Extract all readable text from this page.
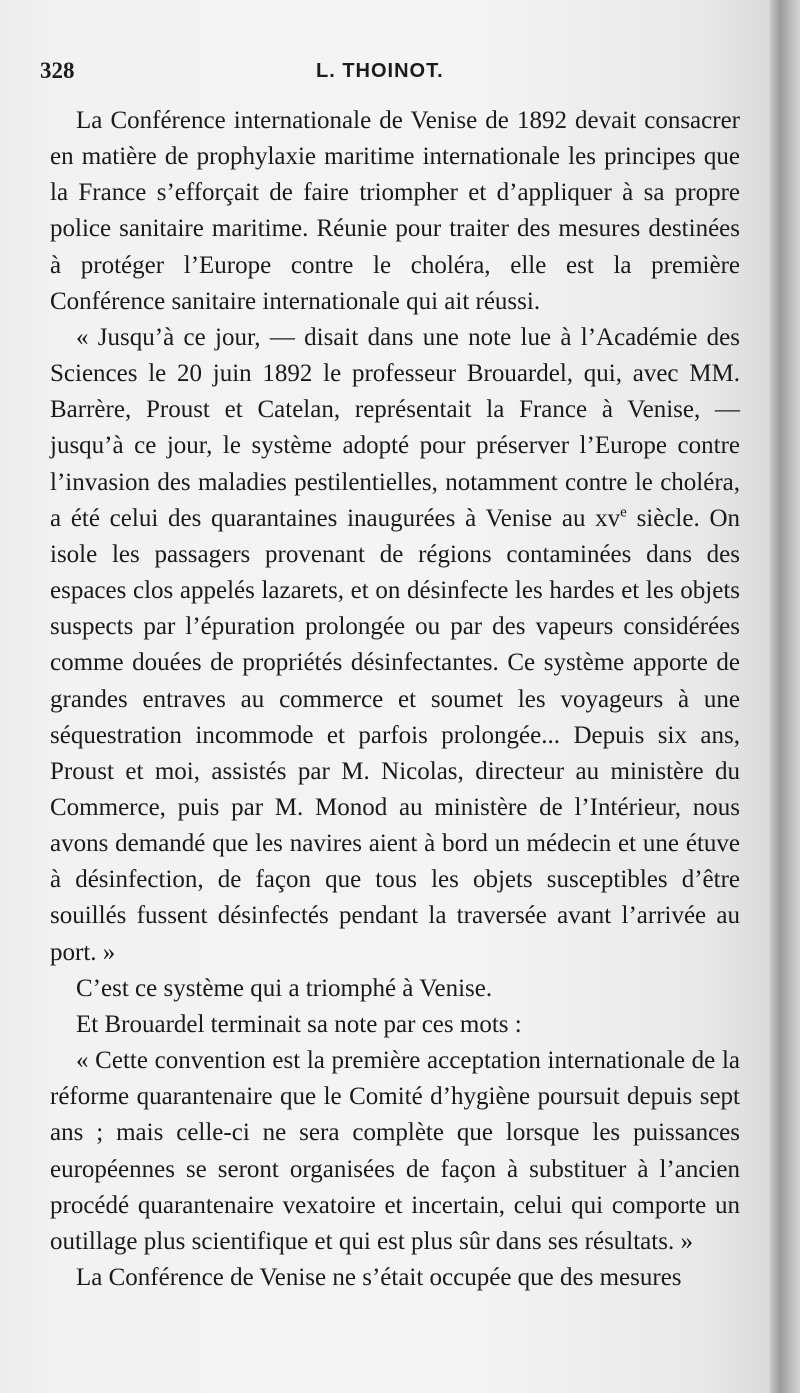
328	L. THOINOT.

La Conférence internationale de Venise de 1892 devait consacrer en matière de prophylaxie maritime internationale les principes que la France s’efforçait de faire triompher et d’appliquer à sa propre police sanitaire maritime. Réunie pour traiter des mesures destinées à protéger l’Europe contre le choléra, elle est la première Conférence sanitaire internationale qui ait réussi.

« Jusqu’à ce jour, — disait dans une note lue à l’Académie des Sciences le 20 juin 1892 le professeur Brouardel, qui, avec MM. Barrère, Proust et Catelan, représentait la France à Venise, — jusqu’à ce jour, le système adopté pour préserver l’Europe contre l’invasion des maladies pestilentielles, notamment contre le choléra, a été celui des quarantaines inaugurées à Venise au $xv^e$ siècle. On isole les passagers provenant de régions contaminées dans des espaces clos appelés lazarets, et on désinfecte les hardes et les objets suspects par l’épuration prolongée ou par des vapeurs considérées comme douées de propriétés désinfectantes. Ce système apporte de grandes entraves au commerce et soumet les voyageurs à une séquestration incommode et parfois prolongée... Depuis six ans, Proust et moi, assistés par M. Nicolas, directeur au ministère du Commerce, puis par M. Monod au ministère de l’Intérieur, nous avons demandé que les navires aient à bord un médecin et une étuve à désinfection, de façon que tous les objets susceptibles d’être souillés fussent désinfectés pendant la traversée avant l’arrivée au port. »

C’est ce système qui a triomphé à Venise.

Et Brouardel terminait sa note par ces mots :

« Cette convention est la première acceptation internationale de la réforme quarantenaire que le Comité d’hygiène poursuit depuis sept ans ; mais celle-ci ne sera complète que lorsque les puissances européennes se seront organisées de façon à substituer à l’ancien procédé quarantenaire vexatoire et incertain, celui qui comporte un outillage plus scientifique et qui est plus sûr dans ses résultats. »

La Conférence de Venise ne s’était occupée que des mesures
